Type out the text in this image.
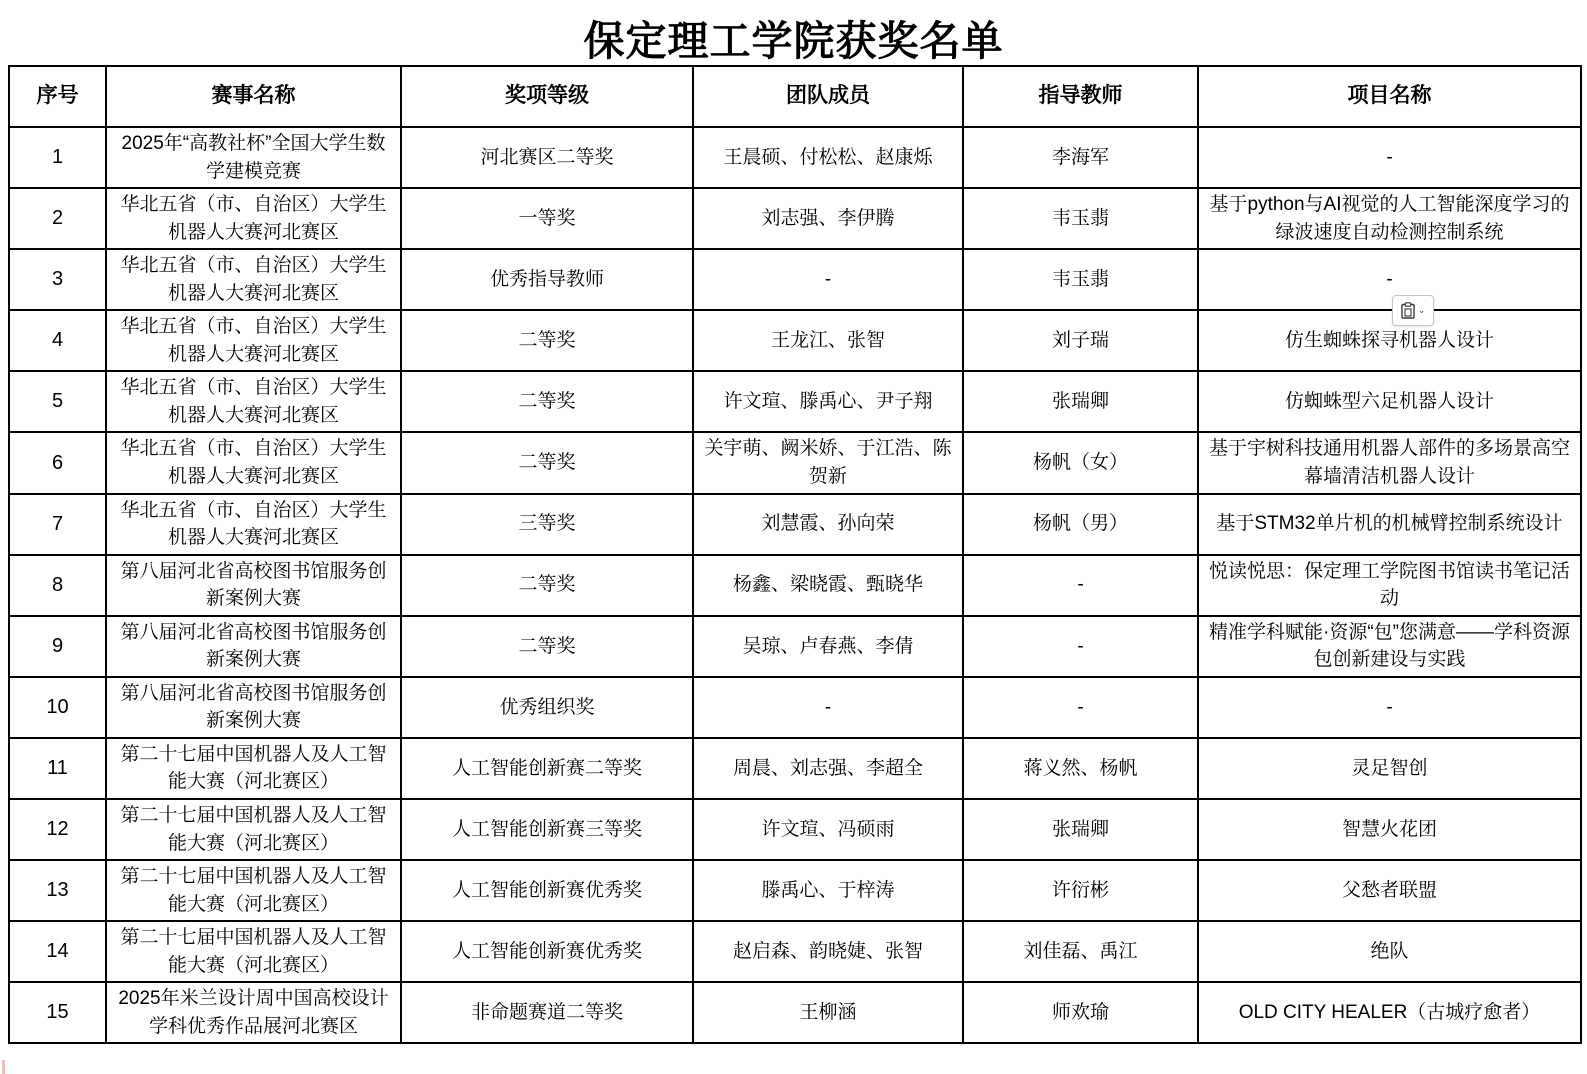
保定理工学院获奖名单
序号	赛事名称	奖项等级	团队成员	指导教师	项目名称
1	2025年“高教社杯”全国大学生数学建模竞赛	河北赛区二等奖	王晨硕、付松松、赵康烁	李海军	-
2	华北五省（市、自治区）大学生机器人大赛河北赛区	一等奖	刘志强、李伊腾	韦玉翡	基于python与AI视觉的人工智能深度学习的绿波速度自动检测控制系统
3	华北五省（市、自治区）大学生机器人大赛河北赛区	优秀指导教师	-	韦玉翡	-
4	华北五省（市、自治区）大学生机器人大赛河北赛区	二等奖	王龙江、张智	刘子瑞	仿生蜘蛛探寻机器人设计
5	华北五省（市、自治区）大学生机器人大赛河北赛区	二等奖	许文瑄、滕禹心、尹子翔	张瑞卿	仿蜘蛛型六足机器人设计
6	华北五省（市、自治区）大学生机器人大赛河北赛区	二等奖	关宇萌、阙米娇、于江浩、陈贺新	杨帆（女）	基于宇树科技通用机器人部件的多场景高空幕墙清洁机器人设计
7	华北五省（市、自治区）大学生机器人大赛河北赛区	三等奖	刘慧霞、孙向荣	杨帆（男）	基于STM32单片机的机械臂控制系统设计
8	第八届河北省高校图书馆服务创新案例大赛	二等奖	杨鑫、梁晓霞、甄晓华	-	悦读悦思：保定理工学院图书馆读书笔记活动
9	第八届河北省高校图书馆服务创新案例大赛	二等奖	吴琼、卢春燕、李倩	-	精准学科赋能·资源“包”您满意——学科资源包创新建设与实践
10	第八届河北省高校图书馆服务创新案例大赛	优秀组织奖	-	-	-
11	第二十七届中国机器人及人工智能大赛（河北赛区）	人工智能创新赛二等奖	周晨、刘志强、李超全	蒋义然、杨帆	灵足智创
12	第二十七届中国机器人及人工智能大赛（河北赛区）	人工智能创新赛三等奖	许文瑄、冯硕雨	张瑞卿	智慧火花团
13	第二十七届中国机器人及人工智能大赛（河北赛区）	人工智能创新赛优秀奖	滕禹心、于梓涛	许衍彬	父愁者联盟
14	第二十七届中国机器人及人工智能大赛（河北赛区）	人工智能创新赛优秀奖	赵启森、韵晓婕、张智	刘佳磊、禹江	绝队
15	2025年米兰设计周中国高校设计学科优秀作品展河北赛区	非命题赛道二等奖	王柳涵	师欢瑜	OLD CITY HEALER（古城疗愈者）
⌄
